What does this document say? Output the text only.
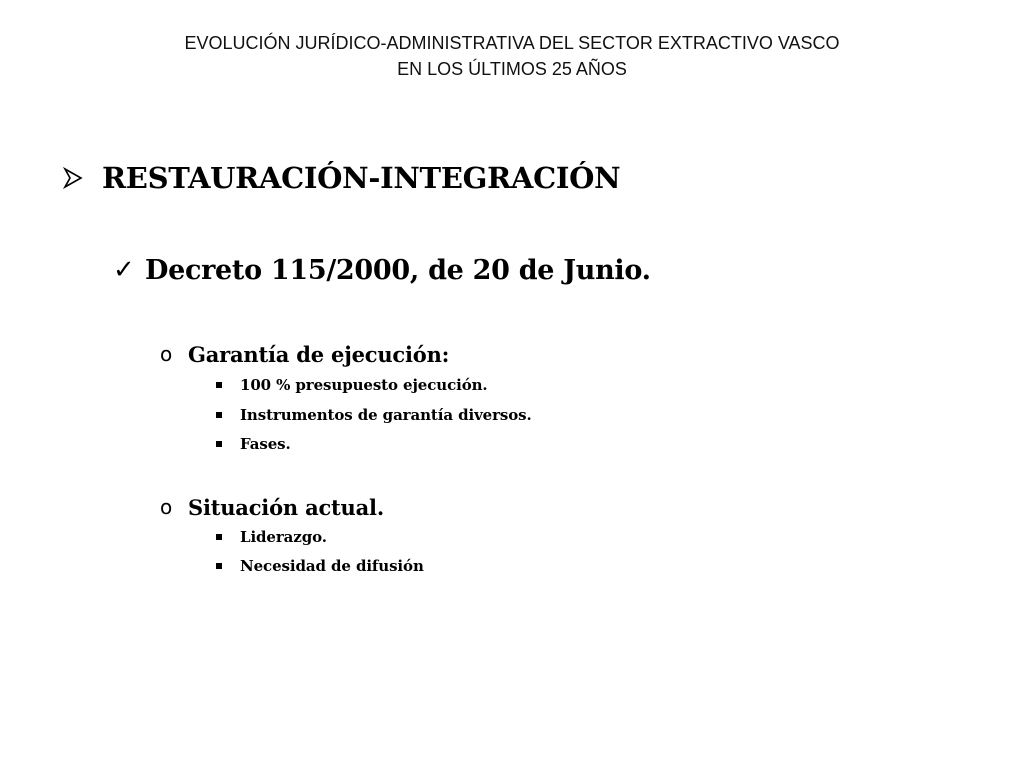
EVOLUCIÓN JURÍDICO-ADMINISTRATIVA DEL SECTOR EXTRACTIVO VASCO
EN LOS ÚLTIMOS 25 AÑOS
RESTAURACIÓN-INTEGRACIÓN
✓ Decreto 115/2000, de 20 de Junio.
o Garantía de ejecución:
100 % presupuesto ejecución.
Instrumentos de garantía diversos.
Fases.
o Situación actual.
Liderazgo.
Necesidad de difusión
